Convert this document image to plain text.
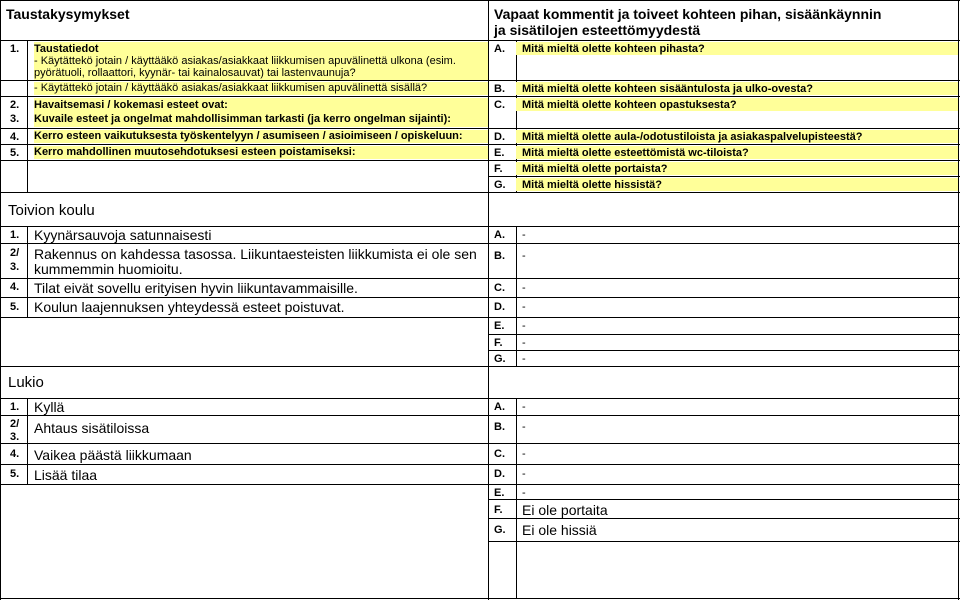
Taustakysymykset	Vapaat kommentit ja toiveet kohteen pihan, sisäänkäynnin
ja sisätilojen esteettömyydestä
1. Taustatiedot
- Käytättekö jotain / käyttääkö asiakas/asiakkaat liikkumisen apuvälinettä ulkona (esim.
pyörätuoli, rollaattori, kyynär- tai kainalosauvat) tai lastenvaunuja?
- Käytättekö jotain / käyttääkö asiakas/asiakkaat liikkumisen apuvälinettä sisällä?
2.
3.
Havaitsemasi / kokemasi esteet ovat:
Kuvaile esteet ja ongelmat mahdollisimman tarkasti (ja kerro ongelman sijainti):
4. Kerro esteen vaikutuksesta työskentelyyn / asumiseen / asioimiseen / opiskeluun:
5. Kerro mahdollinen muutosehdotuksesi esteen poistamiseksi:
A. Mitä mieltä olette kohteen pihasta?
B. Mitä mieltä olette kohteen sisääntulosta ja ulko-ovesta?
C. Mitä mieltä olette kohteen opastuksesta?
D. Mitä mieltä olette aula-/odotustiloista ja asiakaspalvelupisteestä?
E. Mitä mieltä olette esteettömistä wc-tiloista?
F. Mitä mieltä olette portaista?
G. Mitä mieltä olette hissistä?
Toivion koulu
1. Kyynärsauvoja satunnaisesti
2/
3.
Rakennus on kahdessa tasossa. Liikuntaesteisten liikkumista ei ole sen
kummemmin huomioitu.
4. Tilat eivät sovellu erityisen hyvin liikuntavammaisille.
5. Koulun laajennuksen yhteydessä esteet poistuvat.
A. -
B. -
C. -
D. -
E. -
F. -
G. -
Lukio
1. Kyllä
2/
3.
Ahtaus sisätiloissa
4. Vaikea päästä liikkumaan
5. Lisää tilaa
A. -
B. -
C. -
D. -
E. -
F. Ei ole portaita
G. Ei ole hissiä
